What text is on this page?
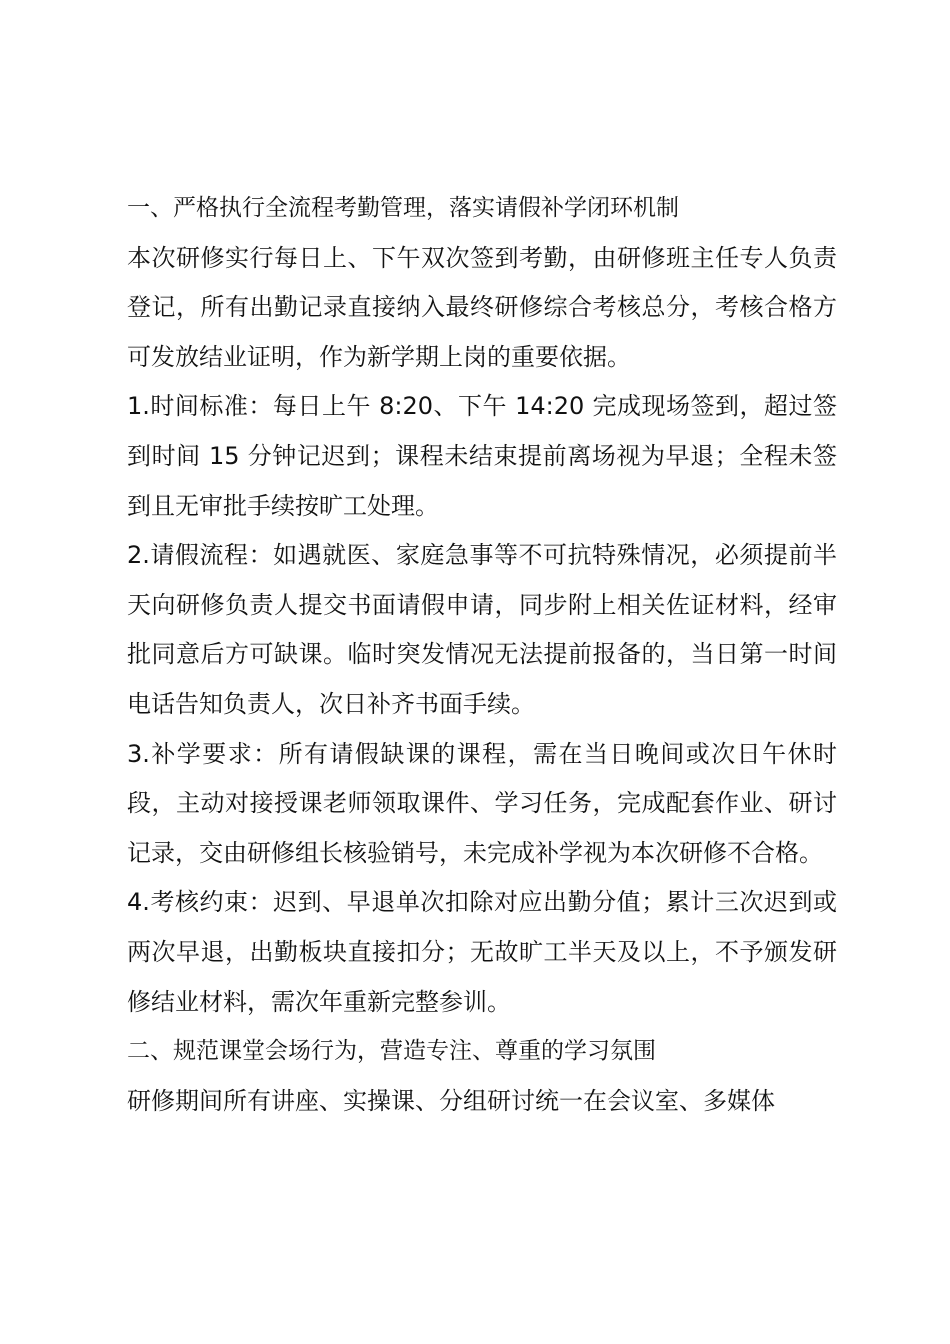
一、严格执行全流程考勤管理，落实请假补学闭环机制

本次研修实行每日上、下午双次签到考勤，由研修班主任专人负责登记，所有出勤记录直接纳入最终研修综合考核总分，考核合格方可发放结业证明，作为新学期上岗的重要依据。

1.时间标准：每日上午 8:20、下午 14:20 完成现场签到，超过签到时间 15 分钟记迟到；课程未结束提前离场视为早退；全程未签到且无审批手续按旷工处理。

2.请假流程：如遇就医、家庭急事等不可抗特殊情况，必须提前半天向研修负责人提交书面请假申请，同步附上相关佐证材料，经审批同意后方可缺课。临时突发情况无法提前报备的，当日第一时间电话告知负责人，次日补齐书面手续。

3.补学要求：所有请假缺课的课程，需在当日晚间或次日午休时段，主动对接授课老师领取课件、学习任务，完成配套作业、研讨记录，交由研修组长核验销号，未完成补学视为本次研修不合格。

4.考核约束：迟到、早退单次扣除对应出勤分值；累计三次迟到或两次早退，出勤板块直接扣分；无故旷工半天及以上，不予颁发研修结业材料，需次年重新完整参训。

二、规范课堂会场行为，营造专注、尊重的学习氛围

研修期间所有讲座、实操课、分组研讨统一在会议室、多媒体
